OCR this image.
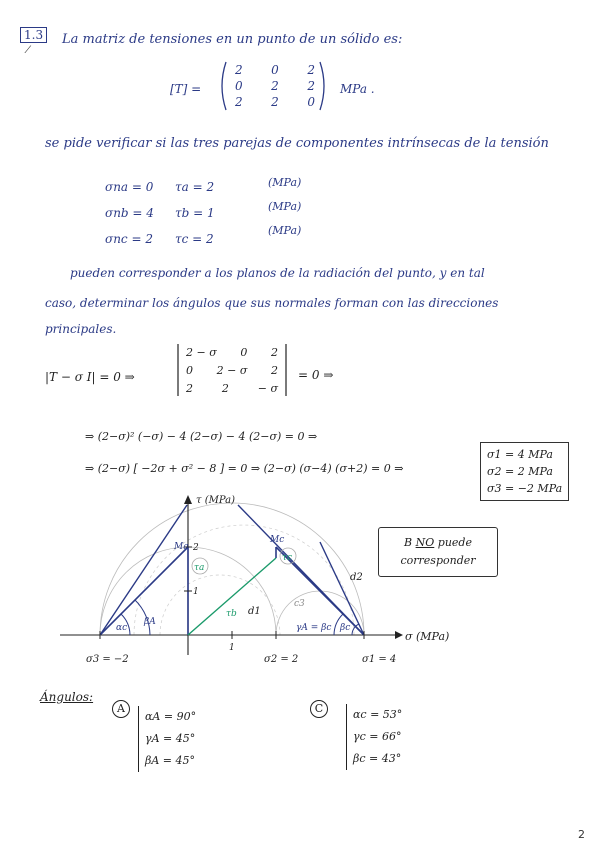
1.3
⁄
La matriz de tensiones en un punto de un sólido es:
[T] =
2 0 2
0 2 2
2 2 0
MPa .
se pide verificar si las tres parejas de componentes intrínsecas de la tensión
σna = 0 τa = 2	(MPa)
σnb = 4 τb = 1	(MPa)
σnc = 2 τc = 2
(MPa)
pueden corresponder a los planos de la radiación del punto, y en tal
caso, determinar los ángulos que sus normales forman con las direcciones
principales.
|T − σ I| = 0 ⇒
2 − σ 0 2
0 2 − σ 2
2	2	− σ
= 0 ⇒
⇒ (2−σ)² (−σ) − 4 (2−σ) − 4 (2−σ) = 0 ⇒
⇒ (2−σ) [ −2σ + σ² − 8 ] = 0 ⇒ (2−σ) (σ−4) (σ+2) = 0 ⇒
σ1 = 4 MPa
σ2 = 2 MPa
σ3 = −2 MPa
τ (MPa)
σ (MPa)
σ3 = −2	σ2 = 2	σ1 = 4
1
1
2
Ma
Mc
τa
τc
τb
αc
βA
γA = βc βc
d1
d2
c3
B NO puede
corresponder
Ángulos:
A
αA = 90°
γA = 45°
βA = 45°
C	αc = 53°
γc = 66°
βc = 43°
2
